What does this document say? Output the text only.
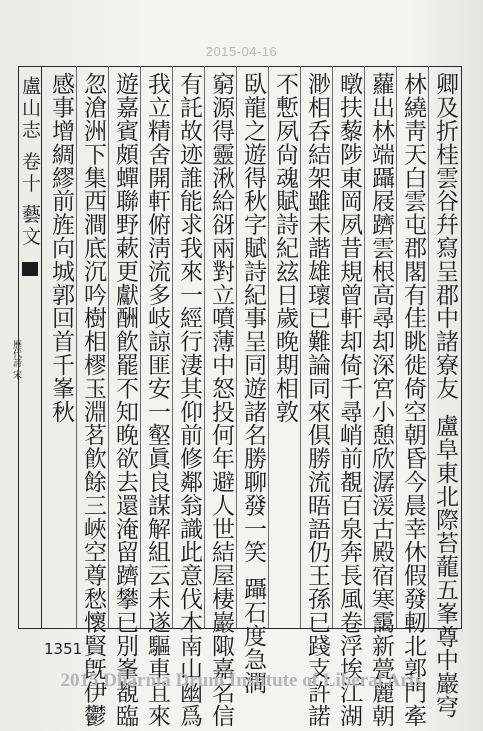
2015-04-16
盧山志 卷十 藝文
歷代詩 宋	卿及折桂雲谷幷寫呈郡中諸寮友盧阜東北際苔蘢五峯尊中巖穹
林繞靑天白雲屯郡閣有佳眺徙倚空朝昏今晨幸休假發軔北郭門牽
蘿出林端躡屐躋雲根高尋却深宮小憩欣潺湲古殿宿寒靄新甍麗朝
暾扶藜陟東岡夙昔規曾軒却倚千尋峭前覩百泉奔長風卷浮埃江湖
渺相呑結架雖未諧雄瓌已難論同來俱勝流晤語仍王孫已踐支許諾
不慙夙尙魂賦詩紀玆日歲晚期相敦
臥龍之遊得秋字賦詩紀事呈同遊諸名勝聊發一笑躡石度急澗
窮源得靈湫給谺兩對立噴薄中怒投何年避人世結屋棲巖陬嘉名信
有託故迹誰能求我來一經行淒其仰前修鄰翁識此意伐木南山幽爲
我立精舍開軒俯淸流多岐諒匪安一壑眞良謀解組云未遂驅車且來
遊嘉賓頗蟬聯野蔌更獻酬飮罷不知晚欲去還淹留躋攀已別峯覩臨
忽滄洲下集西澗底沉吟樹相樛玉淵茗飮餘三峽空尊愁懷賢旣伊鬱
感事增綢繆前旌向城郭回首千峯秋
1351
2015 Dharma Drum Institute of Liberal Arts
